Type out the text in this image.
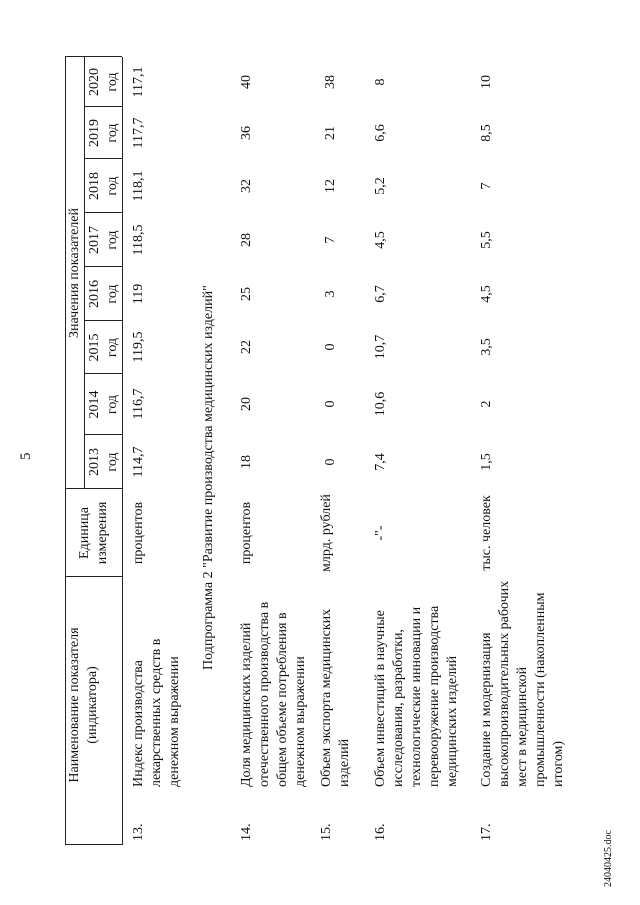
5
24040425.doc
Наименование показателя (индикатора)
Единица измерения
Значения показателей
2013 год
2014 год
2015 год
2016 год
2017 год
2018 год
2019 год
2020 год
13.
Индекс производства лекарственных средств в денежном выражении
процентов
114,7
116,7
119,5
119
118,5
118,1
117,7
117,1
Подпрограмма 2 "Развитие производства медицинских изделий"
14.
Доля медицинских изделий отечественного производства в общем объеме потребления в денежном выражении
процентов
18
20
22
25
28
32
36
40
15.
Объем экспорта медицинских изделий
млрд. рублей
0
0
0
3
7
12
21
38
16.
Объем инвестиций в научные исследования, разработки, технологические инновации и перевооружение производства медицинских изделий
-"-
7,4
10,6
10,7
6,7
4,5
5,2
6,6
8
17.
Создание и модернизация высокопроизводительных рабочих мест в медицинской промышленности (накопленным итогом)
тыс. человек
1,5
2
3,5
4,5
5,5
7
8,5
10
